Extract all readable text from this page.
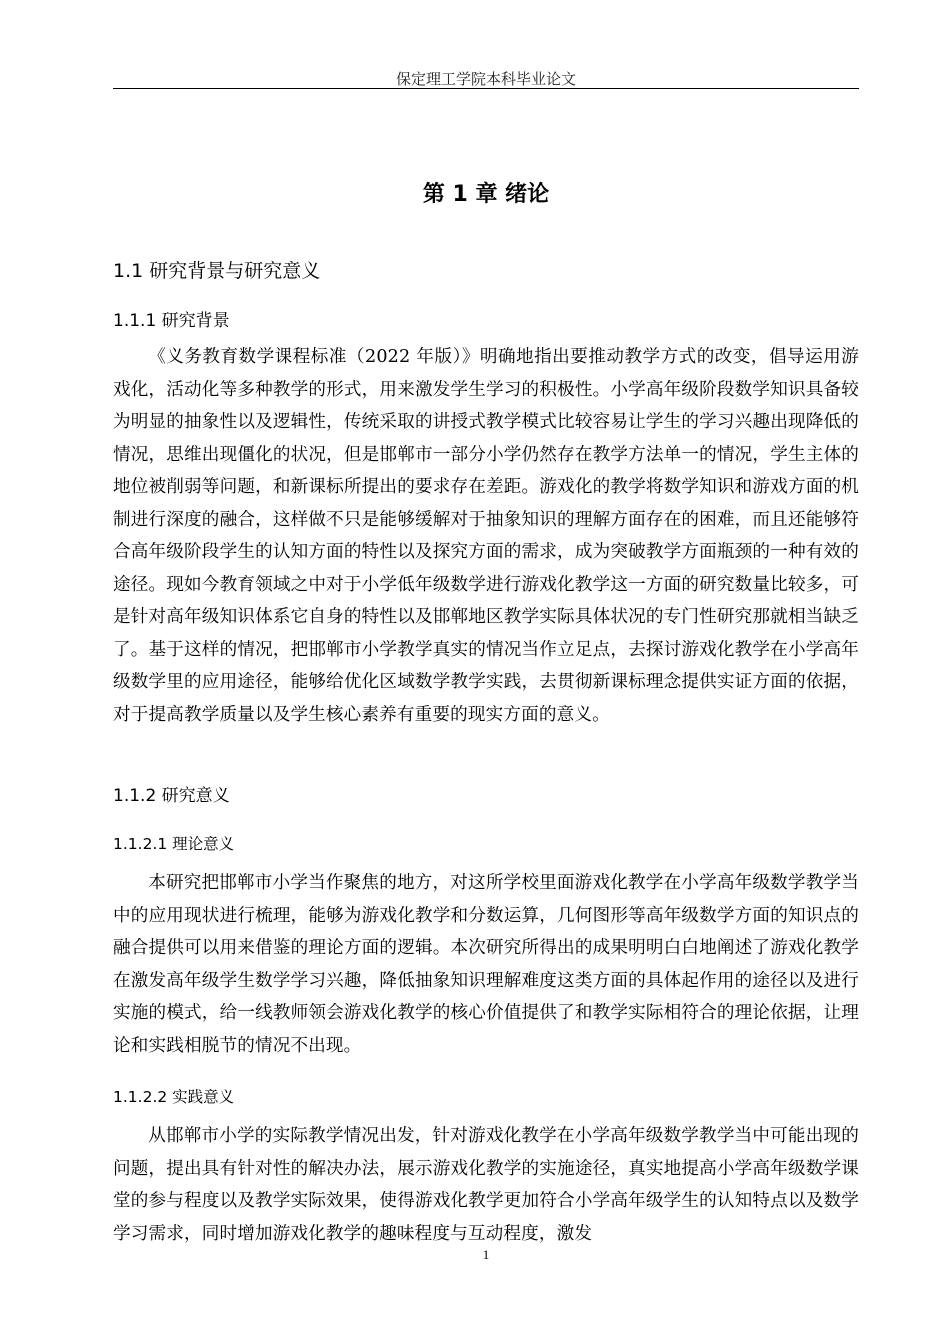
保定理工学院本科毕业论文
第 1 章 绪论
1.1 研究背景与研究意义
1.1.1 研究背景

《义务教育数学课程标准（2022 年版）》明确地指出要推动教学方式的改变，倡导运用游戏化，活动化等多种教学的形式，用来激发学生学习的积极性。小学高年级阶段数学知识具备较为明显的抽象性以及逻辑性，传统采取的讲授式教学模式比较容易让学生的学习兴趣出现降低的情况，思维出现僵化的状况，但是邯郸市一部分小学仍然存在教学方法单一的情况，学生主体的地位被削弱等问题，和新课标所提出的要求存在差距。游戏化的教学将数学知识和游戏方面的机制进行深度的融合，这样做不只是能够缓解对于抽象知识的理解方面存在的困难，而且还能够符合高年级阶段学生的认知方面的特性以及探究方面的需求，成为突破教学方面瓶颈的一种有效的途径。现如今教育领域之中对于小学低年级数学进行游戏化教学这一方面的研究数量比较多，可是针对高年级知识体系它自身的特性以及邯郸地区教学实际具体状况的专门性研究那就相当缺乏了。基于这样的情况，把邯郸市小学教学真实的情况当作立足点，去探讨游戏化教学在小学高年级数学里的应用途径，能够给优化区域数学教学实践，去贯彻新课标理念提供实证方面的依据，对于提高教学质量以及学生核心素养有重要的现实方面的意义。

1.1.2 研究意义
1.1.2.1 理论意义

本研究把邯郸市小学当作聚焦的地方，对这所学校里面游戏化教学在小学高年级数学教学当中的应用现状进行梳理，能够为游戏化教学和分数运算，几何图形等高年级数学方面的知识点的融合提供可以用来借鉴的理论方面的逻辑。本次研究所得出的成果明明白白地阐述了游戏化教学在激发高年级学生数学学习兴趣，降低抽象知识理解难度这类方面的具体起作用的途径以及进行实施的模式，给一线教师领会游戏化教学的核心价值提供了和教学实际相符合的理论依据，让理论和实践相脱节的情况不出现。

1.1.2.2 实践意义

从邯郸市小学的实际教学情况出发，针对游戏化教学在小学高年级数学教学当中可能出现的问题，提出具有针对性的解决办法，展示游戏化教学的实施途径，真实地提高小学高年级数学课堂的参与程度以及教学实际效果，使得游戏化教学更加符合小学高年级学生的认知特点以及数学学习需求，同时增加游戏化教学的趣味程度与互动程度，激发

1
